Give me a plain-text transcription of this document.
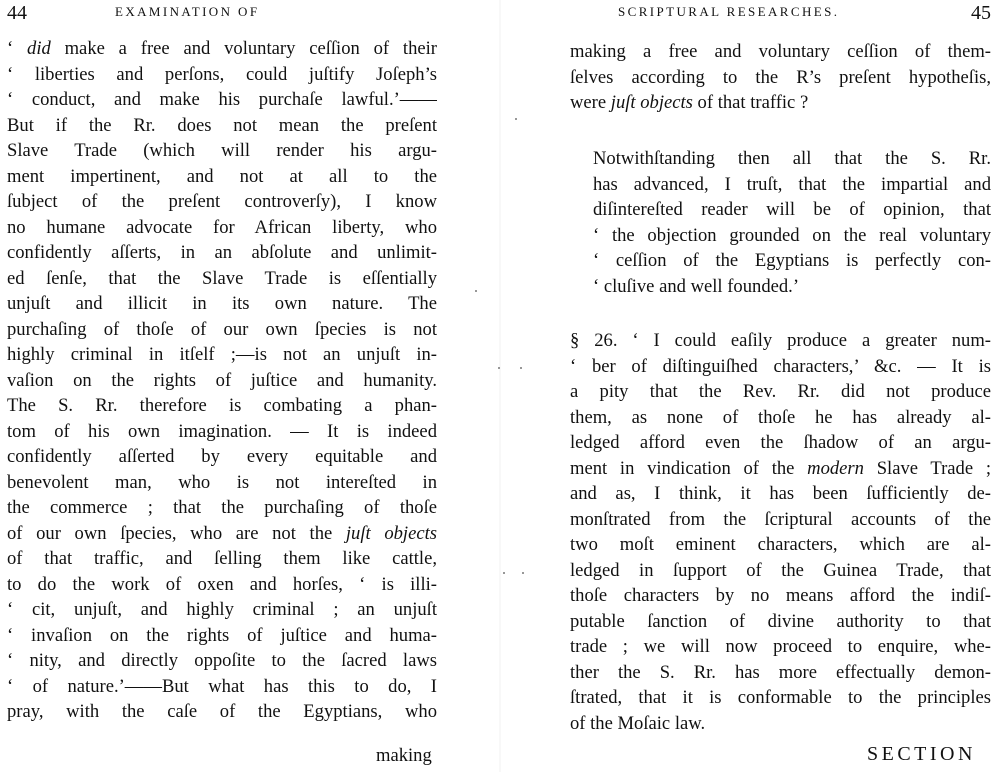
44	EXAMINATION OF
‘ did make a free and voluntary ceſſion of their
‘ liberties and perſons, could juſtify Joſeph’s
‘ conduct, and make his purchaſe lawful.’——
But if the Rr. does not mean the preſent
Slave Trade (which will render his argu-
ment impertinent, and not at all to the
ſubject of the preſent controverſy), I know
no humane advocate for African liberty, who
confidently aſſerts, in an abſolute and unlimit-
ed ſenſe, that the Slave Trade is eſſentially
unjuſt and illicit in its own nature. The
purchaſing of thoſe of our own ſpecies is not
highly criminal in itſelf ;—is not an unjuſt in-
vaſion on the rights of juſtice and humanity.
The S. Rr. therefore is combating a phan-
tom of his own imagination. — It is indeed
confidently aſſerted by every equitable and
benevolent man, who is not intereſted in
the commerce ; that the purchaſing of thoſe
of our own ſpecies, who are not the juſt objects
of that traffic, and ſelling them like cattle,
to do the work of oxen and horſes, ‘ is illi-
‘ cit, unjuſt, and highly criminal ; an unjuſt
‘ invaſion on the rights of juſtice and huma-
‘ nity, and directly oppoſite to the ſacred laws
‘ of nature.’——But what has this to do, I
pray, with the caſe of the Egyptians, who
making
SCRIPTURAL RESEARCHES.	45
making a free and voluntary ceſſion of them-
ſelves according to the R’s preſent hypotheſis,
were juſt objects of that traffic ?
Notwithſtanding then all that the S. Rr.
has advanced, I truſt, that the impartial and
diſintereſted reader will be of opinion, that
‘ the objection grounded on the real voluntary
‘ ceſſion of the Egyptians is perfectly con-
‘ cluſive and well founded.’
§ 26. ‘ I could eaſily produce a greater num-
‘ ber of diſtinguiſhed characters,’ &c. — It is
a pity that the Rev. Rr. did not produce
them, as none of thoſe he has already al-
ledged afford even the ſhadow of an argu-
ment in vindication of the modern Slave Trade ;
and as, I think, it has been ſufficiently de-
monſtrated from the ſcriptural accounts of the
two moſt eminent characters, which are al-
ledged in ſupport of the Guinea Trade, that
thoſe characters by no means afford the indiſ-
putable ſanction of divine authority to that
trade ; we will now proceed to enquire, whe-
ther the S. Rr. has more effectually demon-
ſtrated, that it is conformable to the principles
of the Moſaic law.
SECTION
